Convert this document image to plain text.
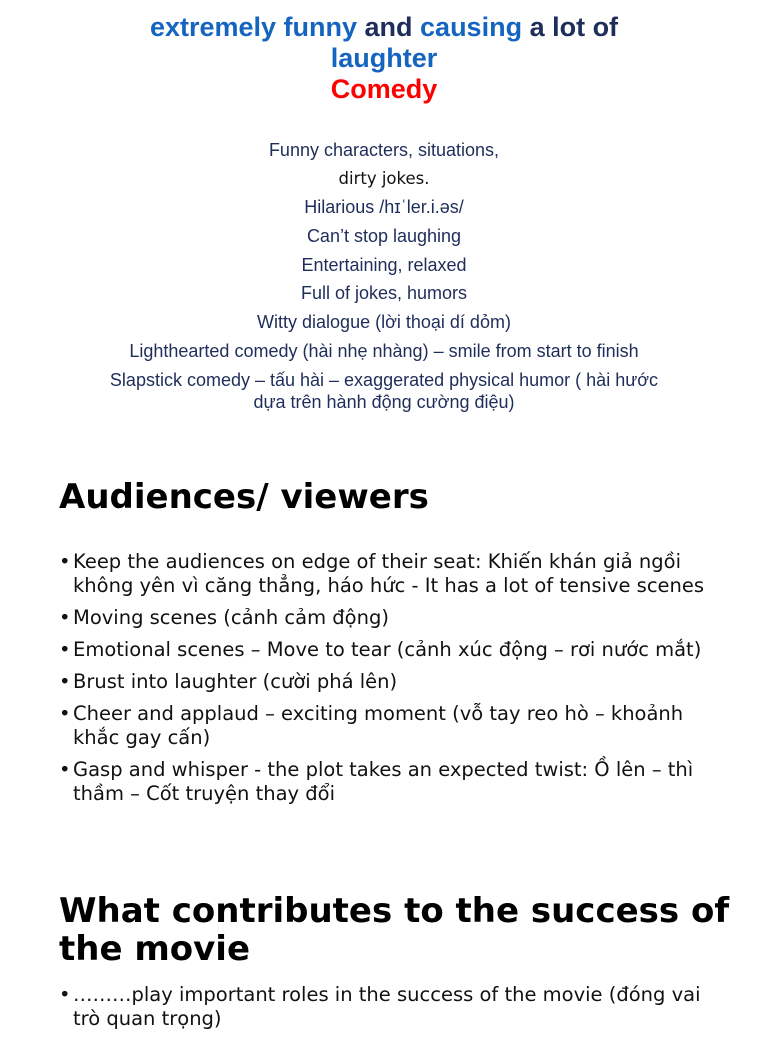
extremely funny and causing a lot of
laughter
Comedy
Funny characters, situations,
dirty jokes.
Hilarious /hɪˈler.i.əs/
Can’t stop laughing
Entertaining, relaxed
Full of jokes, humors
Witty dialogue (lời thoại dí dỏm)
Lighthearted comedy (hài nhẹ nhàng) – smile from start to finish
Slapstick comedy – tấu hài – exaggerated physical humor ( hài hước dựa trên hành động cường điệu)
Audiences/ viewers
• Keep the audiences on edge of their seat: Khiến khán giả ngồi không yên vì căng thẳng, háo hức - It has a lot of tensive scenes
• Moving scenes (cảnh cảm động)
• Emotional scenes – Move to tear (cảnh xúc động – rơi nước mắt)
• Brust into laughter (cười phá lên)
• Cheer and applaud – exciting moment (vỗ tay reo hò – khoảnh khắc gay cấn)
• Gasp and whisper - the plot takes an expected twist: Ồ lên – thì thầm – Cốt truyện thay đổi
What contributes to the success of the movie
• ………play important roles in the success of the movie (đóng vai trò quan trọng)
